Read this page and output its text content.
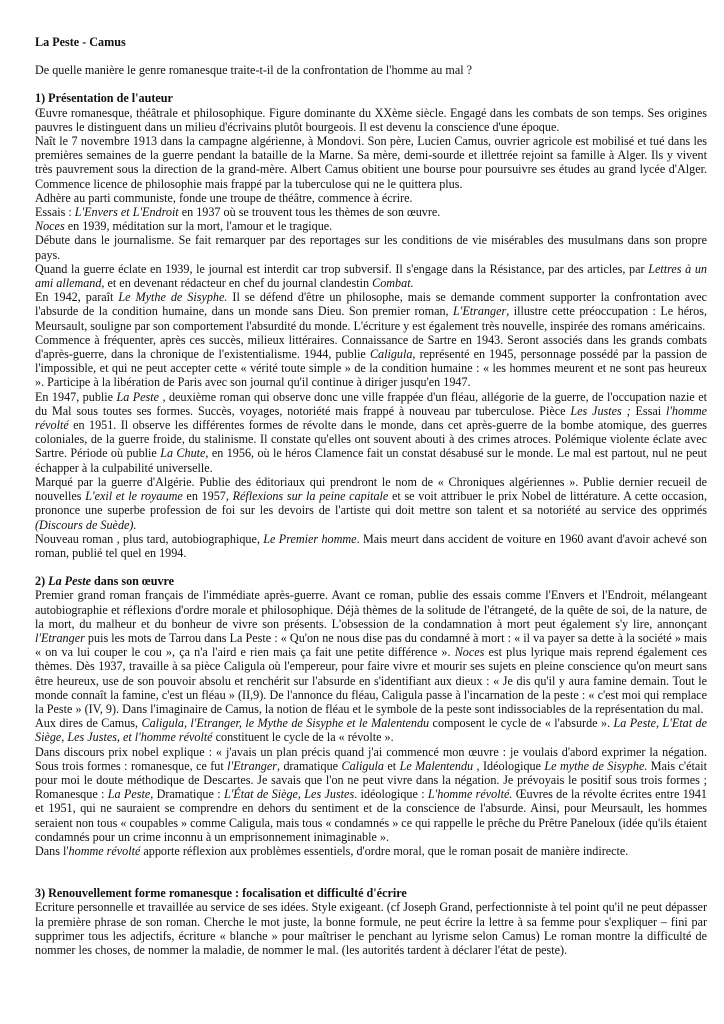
La Peste - Camus

De quelle manière le genre romanesque traite-t-il de la confrontation de l'homme au mal ?

1) Présentation de l'auteur

Œuvre romanesque, théâtrale et philosophique. Figure dominante du XXème siècle. Engagé dans les combats de son temps. Ses origines pauvres le distinguent dans un milieu d'écrivains plutôt bourgeois. Il est devenu la conscience d'une époque.

Naît le 7 novembre 1913 dans la campagne algérienne, à Mondovi. Son père, Lucien Camus, ouvrier agricole est mobilisé et tué dans les premières semaines de la guerre pendant la bataille de la Marne. Sa mère, demi-sourde et illettrée rejoint sa famille à Alger. Ils y vivent très pauvrement sous la direction de la grand-mère. Albert Camus obitient une bourse pour poursuivre ses études au grand lycée d'Alger. Commence licence de philosophie mais frappé par la tuberculose qui ne le quittera plus.

Adhère au parti communiste, fonde une troupe de théâtre, commence à écrire.

Essais : L'Envers et L'Endroit en 1937 où se trouvent tous les thèmes de son œuvre.

Noces en 1939, méditation sur la mort, l'amour et le tragique.

Débute dans le journalisme. Se fait remarquer par des reportages sur les conditions de vie misérables des musulmans dans son propre pays.

Quand la guerre éclate en 1939, le journal est interdit car trop subversif. Il s'engage dans la Résistance, par des articles, par Lettres à un ami allemand, et en devenant rédacteur en chef du journal clandestin Combat.

En 1942, paraît Le Mythe de Sisyphe. Il se défend d'être un philosophe, mais se demande comment supporter la confrontation avec l'absurde de la condition humaine, dans un monde sans Dieu. Son premier roman, L'Etranger, illustre cette préoccupation : Le héros, Meursault, souligne par son comportement l'absurdité du monde. L'écriture y est également très nouvelle, inspirée des romans américains.

Commence à fréquenter, après ces succès, milieux littéraires. Connaissance de Sartre en 1943. Seront associés dans les grands combats d'après-guerre, dans la chronique de l'existentialisme. 1944, publie Caligula, représenté en 1945, personnage possédé par la passion de l'impossible, et qui ne peut accepter cette « vérité toute simple » de la condition humaine : « les hommes meurent et ne sont pas heureux ». Participe à la libération de Paris avec son journal qu'il continue à diriger jusqu'en 1947.

En 1947, publie La Peste , deuxième roman qui observe donc une ville frappée d'un fléau, allégorie de la guerre, de l'occupation nazie et du Mal sous toutes ses formes. Succès, voyages, notoriété mais frappé à nouveau par tuberculose. Pièce Les Justes ; Essai l'homme révolté en 1951. Il observe les différentes formes de révolte dans le monde, dans cet après-guerre de la bombe atomique, des guerres coloniales, de la guerre froide, du stalinisme. Il constate qu'elles ont souvent abouti à des crimes atroces. Polémique violente éclate avec Sartre. Période où publie La Chute, en 1956, où le héros Clamence fait un constat désabusé sur le monde. Le mal est partout, nul ne peut échapper à la culpabilité universelle.

Marqué par la guerre d'Algérie. Publie des éditoriaux qui prendront le nom de « Chroniques algériennes ». Publie dernier recueil de nouvelles L'exil et le royaume en 1957, Réflexions sur la peine capitale et se voit attribuer le prix Nobel de littérature. A cette occasion, prononce une superbe profession de foi sur les devoirs de l'artiste qui doit mettre son talent et sa notoriété au service des opprimés (Discours de Suède).

Nouveau roman , plus tard, autobiographique, Le Premier homme. Mais meurt dans accident de voiture en 1960 avant d'avoir achevé son roman, publié tel quel en 1994.

2) La Peste dans son œuvre

Premier grand roman français de l'immédiate après-guerre. Avant ce roman, publie des essais comme l'Envers et l'Endroit, mélangeant autobiographie et réflexions d'ordre morale et philosophique. Déjà thèmes de la solitude de l'étrangeté, de la quête de soi, de la nature, de la mort, du malheur et du bonheur de vivre son présents. L'obsession de la condamnation à mort peut également s'y lire, annonçant l'Etranger puis les mots de Tarrou dans La Peste : « Qu'on ne nous dise pas du condamné à mort : « il va payer sa dette à la société » mais « on va lui couper le cou », ça n'a l'aird e rien mais ça fait une petite différence ». Noces est plus lyrique mais reprend également ces thèmes. Dès 1937, travaille à sa pièce Caligula où l'empereur, pour faire vivre et mourir ses sujets en pleine conscience qu'on meurt sans être heureux, use de son pouvoir absolu et renchérit sur l'absurde en s'identifiant aux dieux : « Je dis qu'il y aura famine demain. Tout le monde connaît la famine, c'est un fléau » (II,9). De l'annonce du fléau, Caligula passe à l'incarnation de la peste : « c'est moi qui remplace la Peste » (IV, 9). Dans l'imaginaire de Camus, la notion de fléau et le symbole de la peste sont indissociables de la représentation du mal.

Aux dires de Camus, Caligula, l'Etranger, le Mythe de Sisyphe et le Malentendu composent le cycle de « l'absurde ». La Peste, L'Etat de Siège, Les Justes, et l'homme révolté constituent le cycle de la « révolte ».

Dans discours prix nobel explique : « j'avais un plan précis quand j'ai commencé mon œuvre : je voulais d'abord exprimer la négation. Sous trois formes : romanesque, ce fut l'Etranger, dramatique Caligula et Le Malentendu , Idéologique Le mythe de Sisyphe. Mais c'était pour moi le doute méthodique de Descartes. Je savais que l'on ne peut vivre dans la négation. Je prévoyais le positif sous trois formes ; Romanesque : La Peste, Dramatique : L'État de Siège, Les Justes. idéologique : L'homme révolté. Œuvres de la révolte écrites entre 1941 et 1951, qui ne sauraient se comprendre en dehors du sentiment et de la conscience de l'absurde. Ainsi, pour Meursault, les hommes seraient non tous « coupables » comme Caligula, mais tous « condamnés » ce qui rappelle le prêche du Prêtre Paneloux (idée qu'ils étaient condamnés pour un crime inconnu à un emprisonnement inimaginable ».

Dans l'homme révolté apporte réflexion aux problèmes essentiels, d'ordre moral, que le roman posait de manière indirecte.

3) Renouvellement forme romanesque : focalisation et difficulté d'écrire

Ecriture personnelle et travaillée au service de ses idées. Style exigeant. (cf Joseph Grand, perfectionniste à tel point qu'il ne peut dépasser la première phrase de son roman. Cherche le mot juste, la bonne formule, ne peut écrire la lettre à sa femme pour s'expliquer – fini par supprimer tous les adjectifs, écriture « blanche » pour maîtriser le penchant au lyrisme selon Camus) Le roman montre la difficulté de nommer les choses, de nommer la maladie, de nommer le mal. (les autorités tardent à déclarer l'état de peste).
